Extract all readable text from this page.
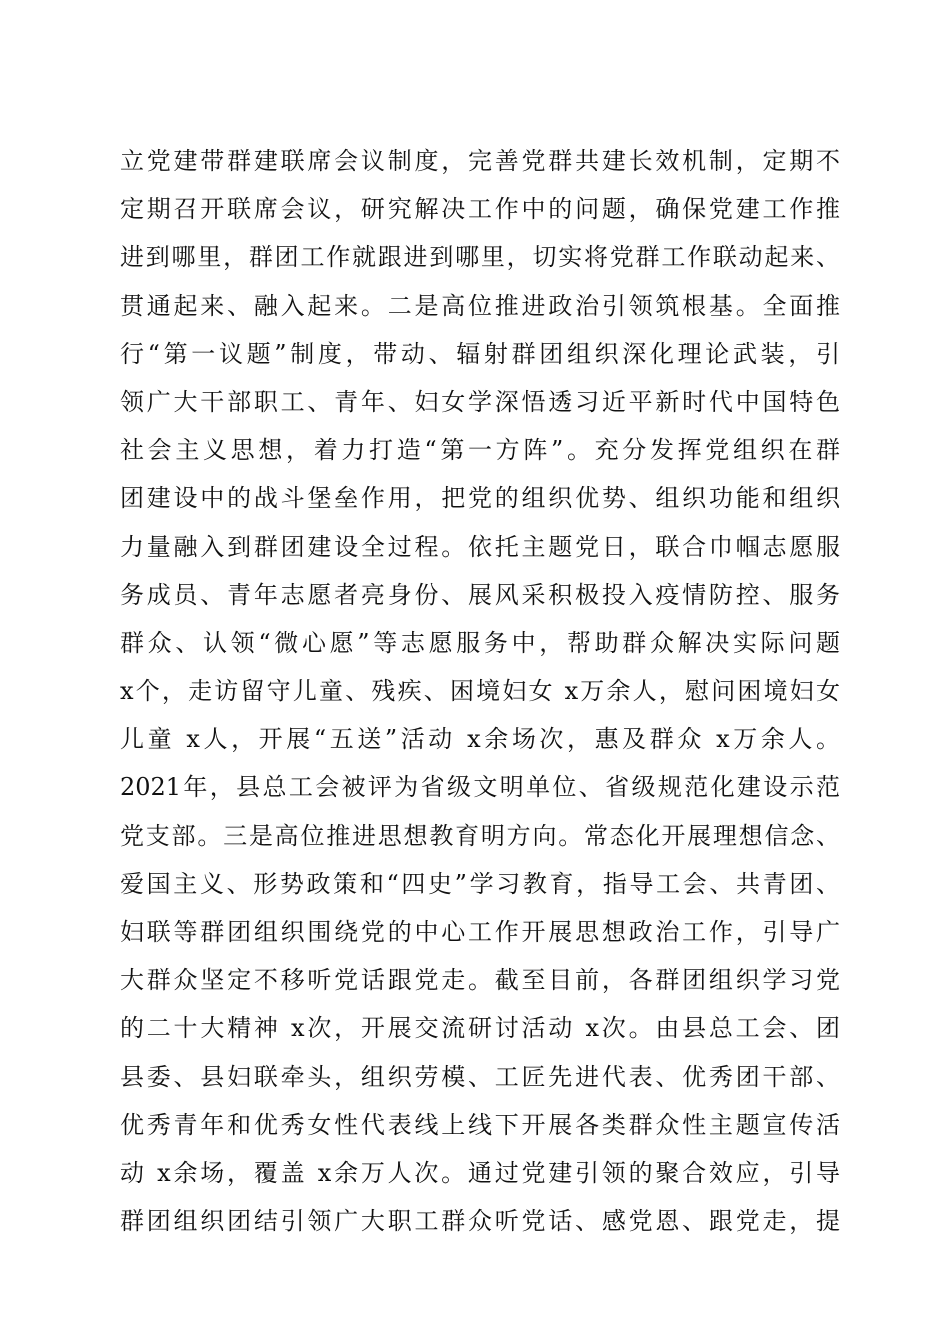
立党建带群建联席会议制度，完善党群共建长效机制，定期不
定期召开联席会议，研究解决工作中的问题，确保党建工作推
进到哪里，群团工作就跟进到哪里，切实将党群工作联动起来、
贯通起来、融入起来。二是高位推进政治引领筑根基。全面推
行“第一议题”制度，带动、辐射群团组织深化理论武装，引
领广大干部职工、青年、妇女学深悟透习近平新时代中国特色
社会主义思想，着力打造“第一方阵”。充分发挥党组织在群
团建设中的战斗堡垒作用，把党的组织优势、组织功能和组织
力量融入到群团建设全过程。依托主题党日，联合巾帼志愿服
务成员、青年志愿者亮身份、展风采积极投入疫情防控、服务
群众、认领“微心愿”等志愿服务中，帮助群众解决实际问题
x个，走访留守儿童、残疾、困境妇女 x万余人，慰问困境妇女
儿童 x人，开展“五送”活动 x余场次，惠及群众 x万余人。
2021年，县总工会被评为省级文明单位、省级规范化建设示范
党支部。三是高位推进思想教育明方向。常态化开展理想信念、
爱国主义、形势政策和“四史”学习教育，指导工会、共青团、
妇联等群团组织围绕党的中心工作开展思想政治工作，引导广
大群众坚定不移听党话跟党走。截至目前，各群团组织学习党
的二十大精神 x次，开展交流研讨活动 x次。由县总工会、团
县委、县妇联牵头，组织劳模、工匠先进代表、优秀团干部、
优秀青年和优秀女性代表线上线下开展各类群众性主题宣传活
动 x余场，覆盖 x余万人次。通过党建引领的聚合效应，引导
群团组织团结引领广大职工群众听党话、感党恩、跟党走，提
